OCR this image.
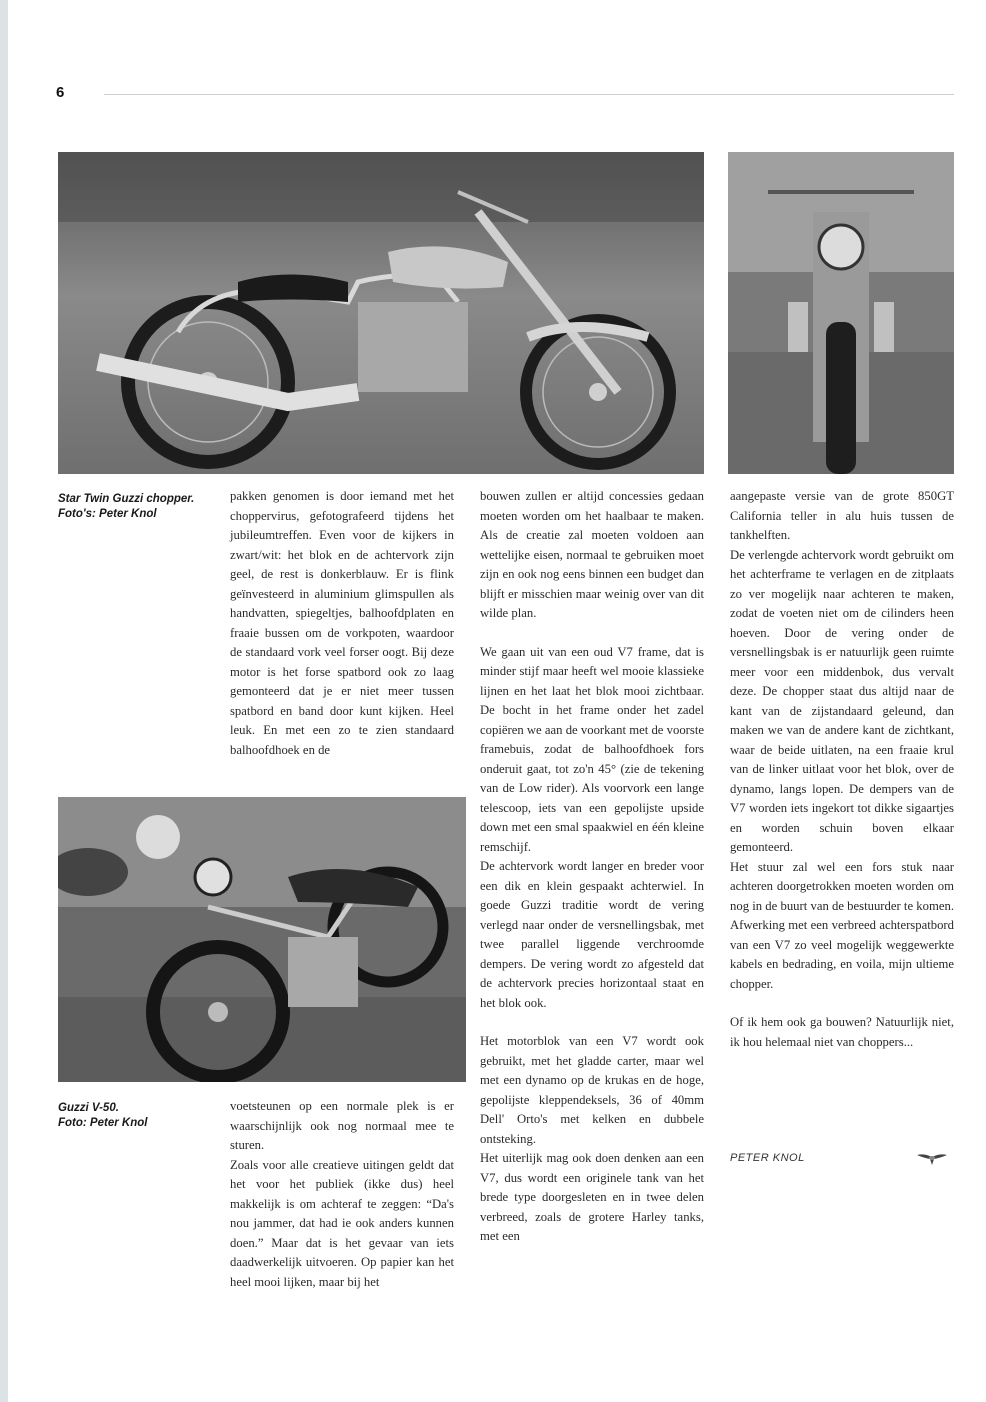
6
Star Twin Guzzi chopper.
Foto's: Peter Knol

pakken genomen is door iemand met het choppervirus, gefotografeerd tijdens het jubileumtreffen. Even voor de kijkers in zwart/wit: het blok en de achtervork zijn geel, de rest is donkerblauw. Er is flink geïnvesteerd in aluminium glimspullen als handvatten, spiegeltjes, balhoofdplaten en fraaie bussen om de vorkpoten, waardoor de standaard vork veel forser oogt. Bij deze motor is het forse spatbord ook zo laag gemonteerd dat je er niet meer tussen spatbord en band door kunt kijken. Heel leuk. En met een zo te zien standaard balhoofdhoek en de

Guzzi V-50.
Foto: Peter Knol

voetsteunen op een normale plek is er waarschijnlijk ook nog normaal mee te sturen.

Zoals voor alle creatieve uitingen geldt dat het voor het publiek (ikke dus) heel makkelijk is om achteraf te zeggen: “Da's nou jammer, dat had ie ook anders kunnen doen.” Maar dat is het gevaar van iets daadwerkelijk uitvoeren. Op papier kan het heel mooi lijken, maar bij het

bouwen zullen er altijd concessies gedaan moeten worden om het haalbaar te maken. Als de creatie zal moeten voldoen aan wettelijke eisen, normaal te gebruiken moet zijn en ook nog eens binnen een budget dan blijft er misschien maar weinig over van dit wilde plan.

We gaan uit van een oud V7 frame, dat is minder stijf maar heeft wel mooie klassieke lijnen en het laat het blok mooi zichtbaar. De bocht in het frame onder het zadel copiëren we aan de voorkant met de voorste framebuis, zodat de balhoofdhoek fors onderuit gaat, tot zo'n 45° (zie de tekening van de Low rider). Als voorvork een lange telescoop, iets van een gepolijste upside down met een smal spaakwiel en één kleine remschijf.

De achtervork wordt langer en breder voor een dik en klein gespaakt achterwiel. In goede Guzzi traditie wordt de vering verlegd naar onder de versnellingsbak, met twee parallel liggende verchroomde dempers. De vering wordt zo afgesteld dat de achtervork precies horizontaal staat en het blok ook.

Het motorblok van een V7 wordt ook gebruikt, met het gladde carter, maar wel met een dynamo op de krukas en de hoge, gepolijste kleppendeksels, 36 of 40mm Dell' Orto's met kelken en dubbele ontsteking.

Het uiterlijk mag ook doen denken aan een V7, dus wordt een originele tank van het brede type doorgesleten en in twee delen verbreed, zoals de grotere Harley tanks, met een

aangepaste versie van de grote 850GT California teller in alu huis tussen de tankhelften.

De verlengde achtervork wordt gebruikt om het achterframe te verlagen en de zitplaats zo ver mogelijk naar achteren te maken, zodat de voeten niet om de cilinders heen hoeven. Door de vering onder de versnellingsbak is er natuurlijk geen ruimte meer voor een middenbok, dus vervalt deze. De chopper staat dus altijd naar de kant van de zijstandaard geleund, dan maken we van de andere kant de zichtkant, waar de beide uitlaten, na een fraaie krul van de linker uitlaat voor het blok, over de dynamo, langs lopen. De dempers van de V7 worden iets ingekort tot dikke sigaartjes en worden schuin boven elkaar gemonteerd.

Het stuur zal wel een fors stuk naar achteren doorgetrokken moeten worden om nog in de buurt van de bestuurder te komen. Afwerking met een verbreed achterspatbord van een V7 zo veel mogelijk weggewerkte kabels en bedrading, en voila, mijn ultieme chopper.

Of ik hem ook ga bouwen? Natuurlijk niet, ik hou helemaal niet van choppers...

PETER KNOL
